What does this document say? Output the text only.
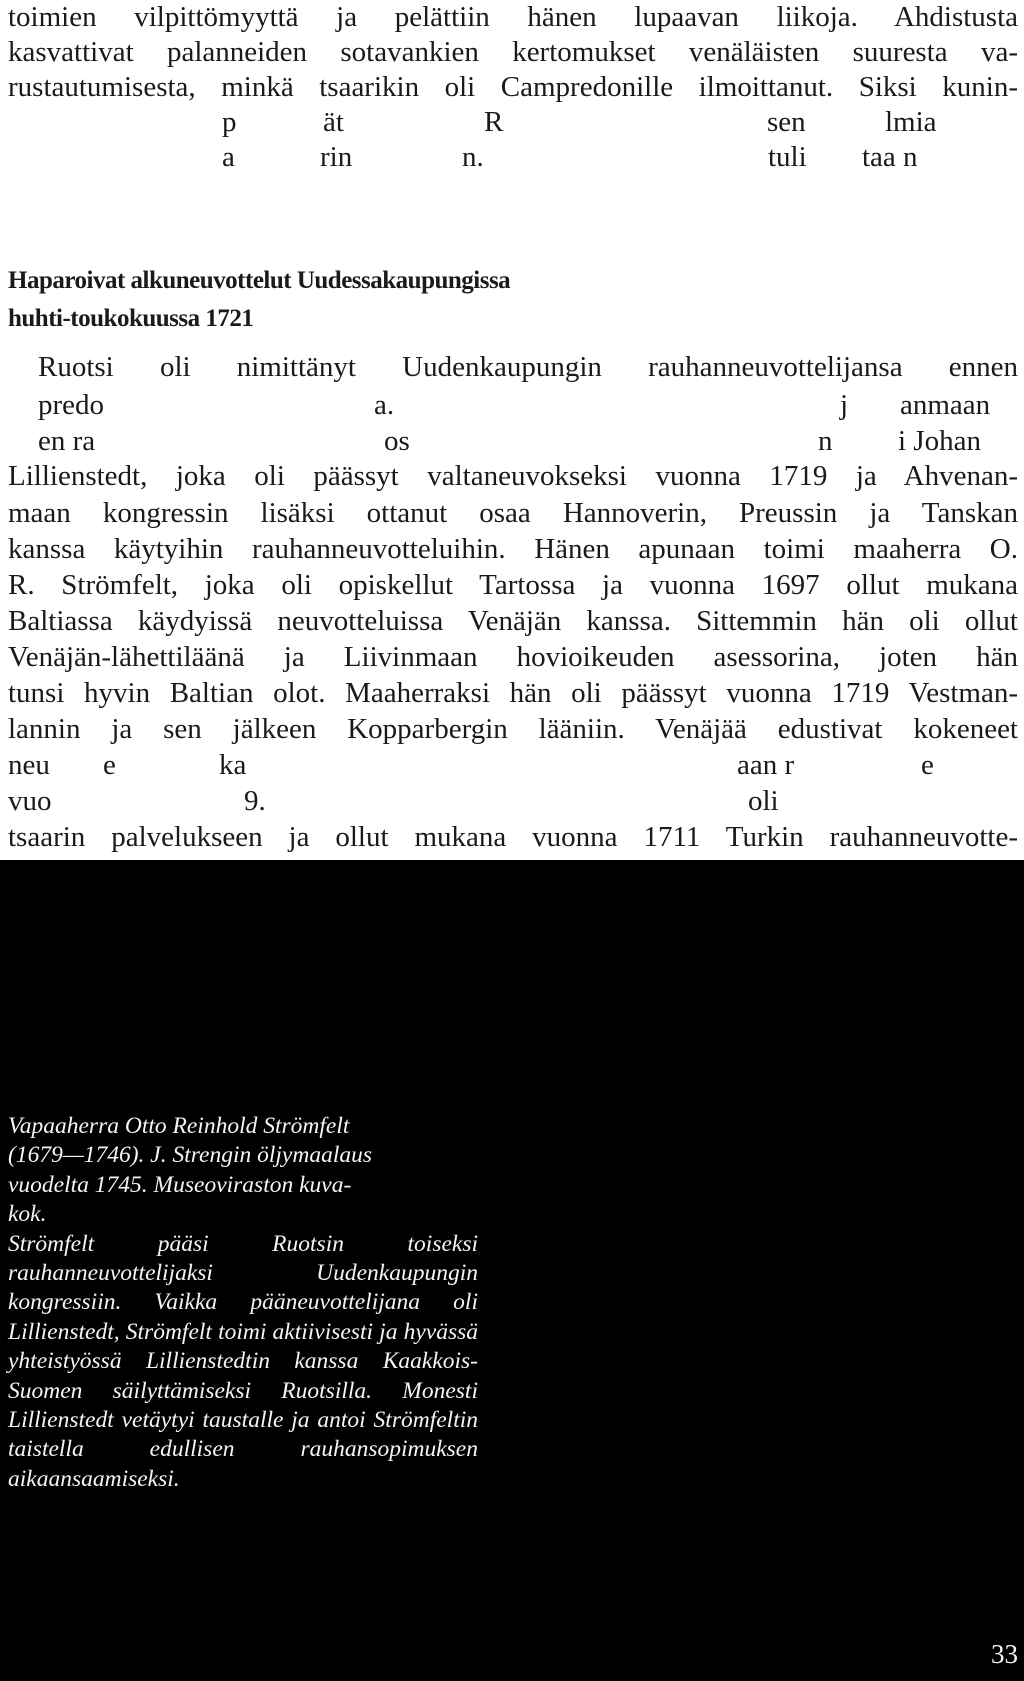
toimien vilpittömyyttä ja pelättiin hänen lupaavan liikoja. Ahdistusta
kasvattivat palanneiden sotavankien kertomukset venäläisten suuresta va-
rustautumisesta, minkä tsaarikin oli Campredonille ilmoittanut. Siksi kunin-
p	ät	R	sen	lmia
a	rin	n.	tuli taa n
Haparoivat alkuneuvottelut Uudessakaupungissa
huhti-toukokuussa 1721
Ruotsi oli nimittänyt Uudenkaupungin rauhanneuvottelijansa ennen
predo	a.	j anmaan
en ra	os	n i Johan
Lillienstedt, joka oli päässyt valtaneuvokseksi vuonna 1719 ja Ahvenan-
maan kongressin lisäksi ottanut osaa Hannoverin, Preussin ja Tanskan
kanssa käytyihin rauhanneuvotteluihin. Hänen apunaan toimi maaherra O.
R. Strömfelt, joka oli opiskellut Tartossa ja vuonna 1697 ollut mukana
Baltiassa käydyissä neuvotteluissa Venäjän kanssa. Sittemmin hän oli ollut
Venäjän-lähettiläänä ja Liivinmaan hovioikeuden asessorina, joten hän
tunsi hyvin Baltian olot. Maaherraksi hän oli päässyt vuonna 1719 Vestman-
lannin ja sen jälkeen Kopparbergin lääniin. Venäjää edustivat kokeneet
neu e	ka	aan r	e
vuo	9.	oli
tsaarin palvelukseen ja ollut mukana vuonna 1711 Turkin rauhanneuvotte-

Vapaaherra Otto Reinhold Strömfelt

(1679—1746). J. Strengin öljymaalaus

vuodelta 1745. Museoviraston kuva-

kok.

Strömfelt pääsi Ruotsin toiseksi rauhanneuvottelijaksi Uudenkaupungin kongressiin. Vaikka pääneuvottelijana oli Lillienstedt, Strömfelt toimi aktiivisesti ja hyvässä yhteistyössä Lillienstedtin kanssa Kaakkois-Suomen säilyttämiseksi Ruotsilla. Monesti Lillienstedt vetäytyi taustalle ja antoi Strömfeltin taistella edullisen rauhansopimuksen aikaansaamiseksi.

33
